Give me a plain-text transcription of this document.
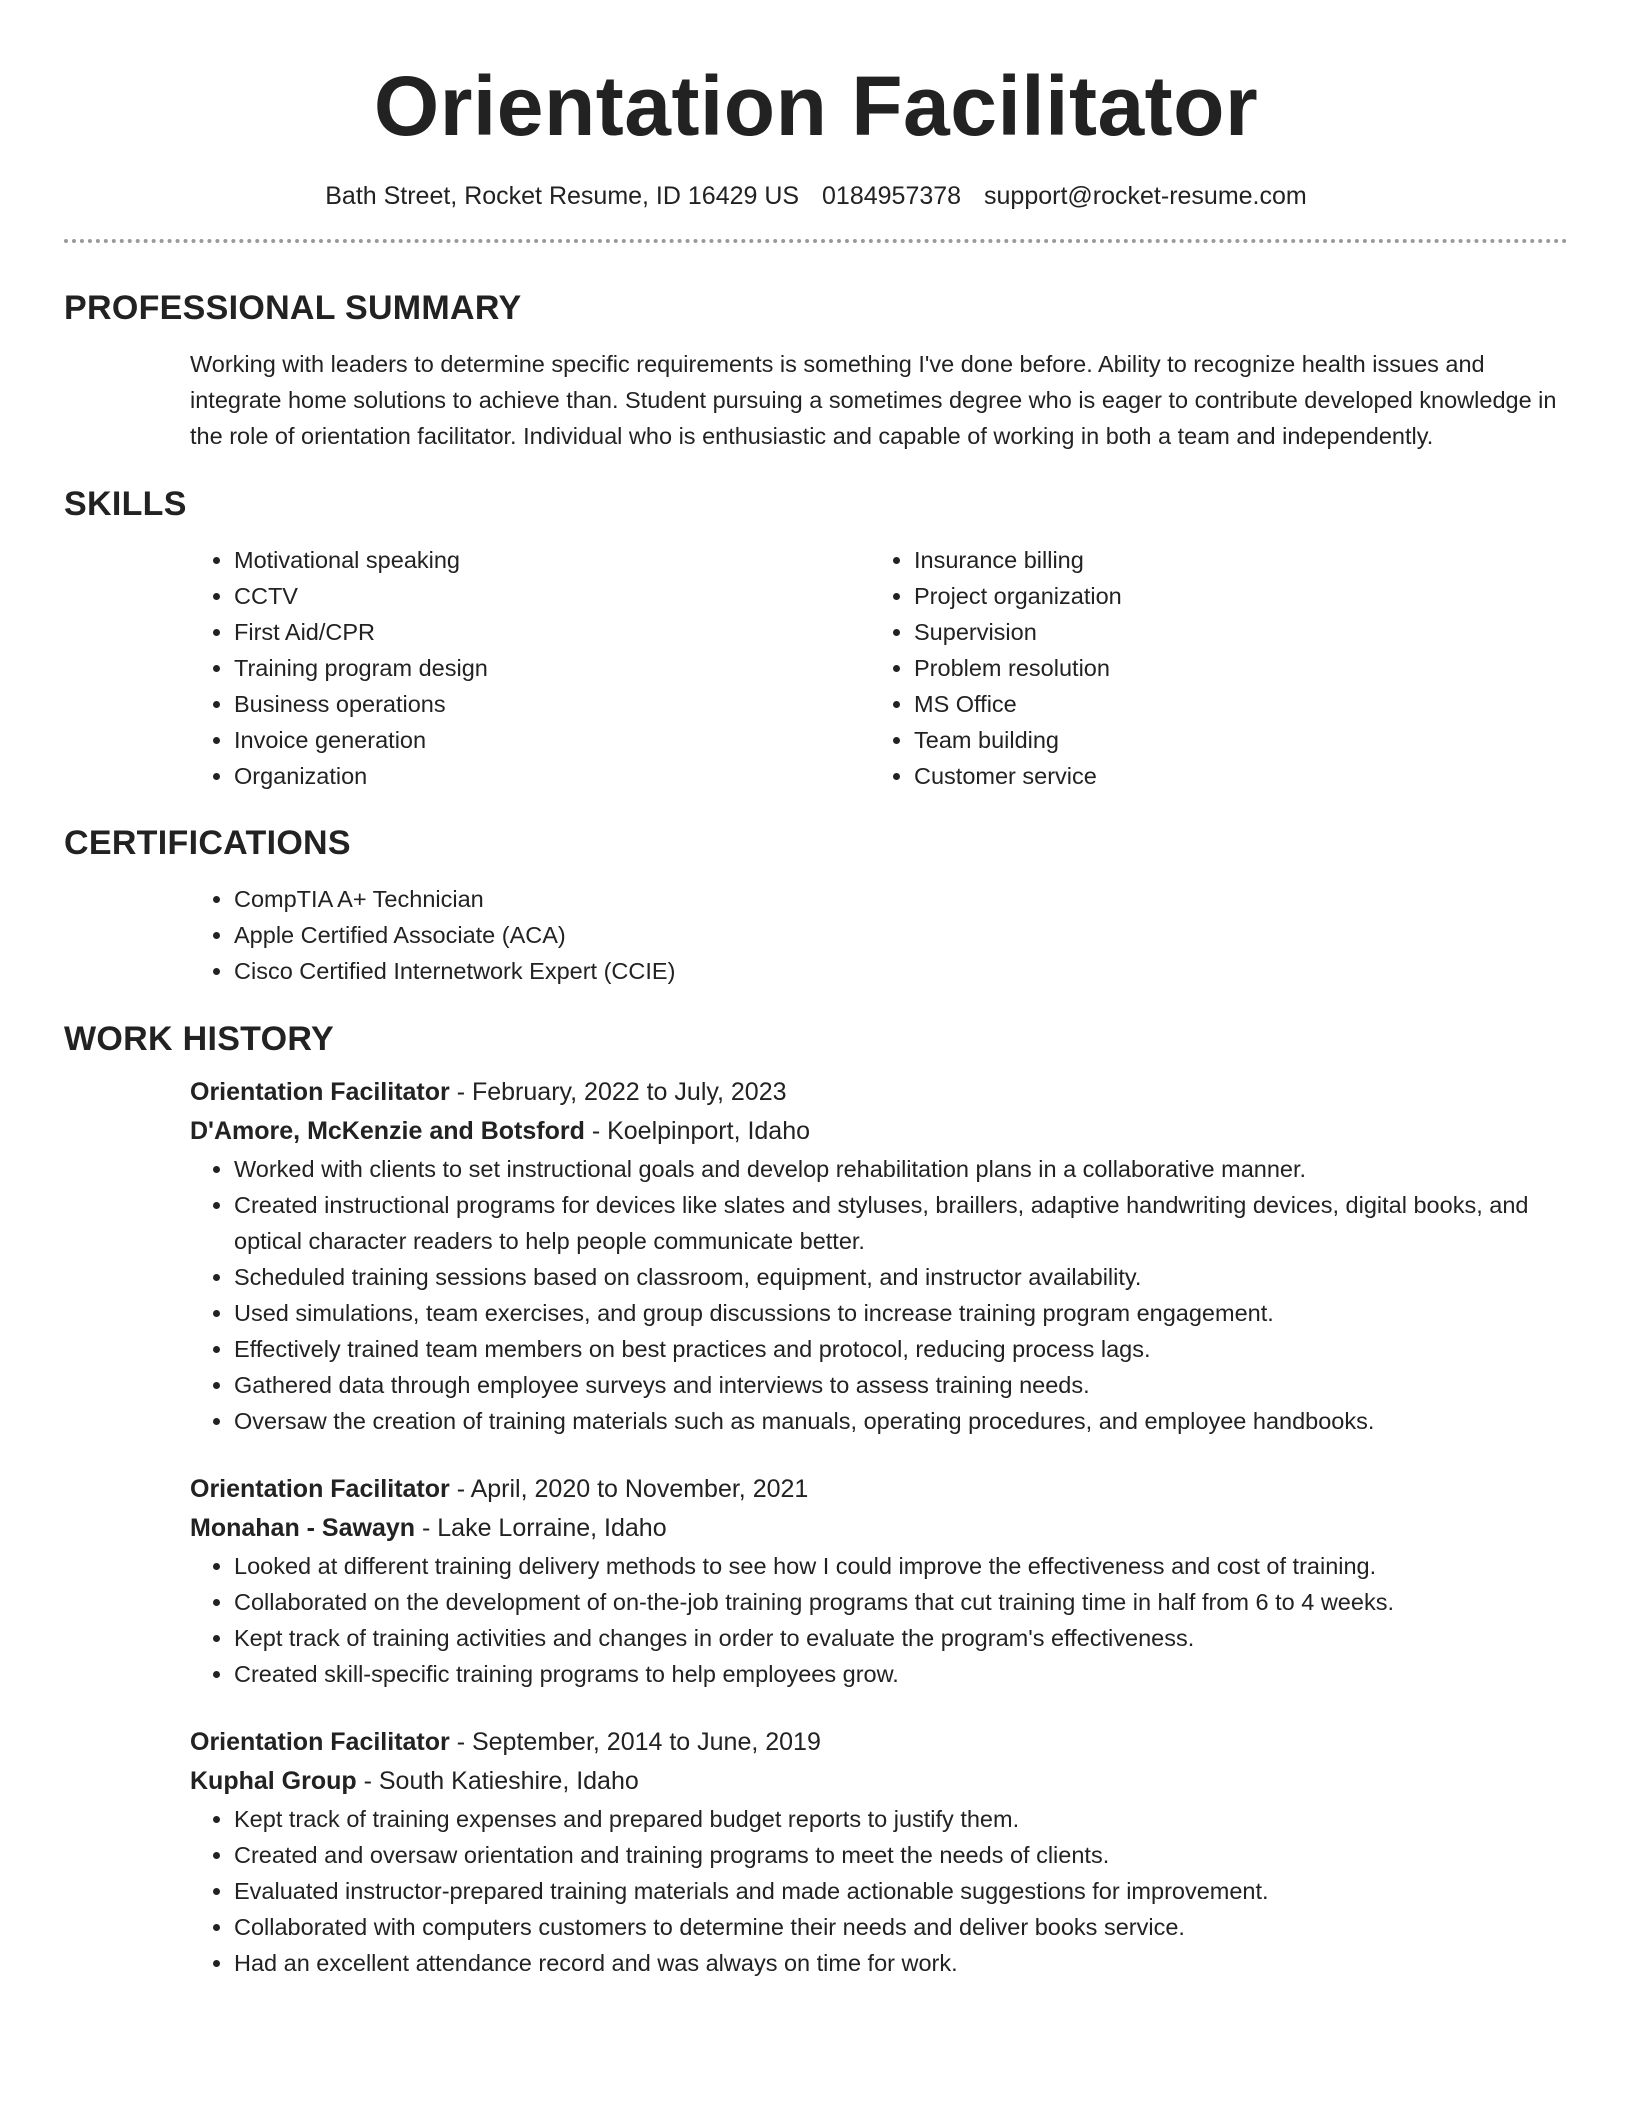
Orientation Facilitator
Bath Street, Rocket Resume, ID 16429 US 0184957378 support@rocket-resume.com
PROFESSIONAL SUMMARY

Working with leaders to determine specific requirements is something I've done before. Ability to recognize health issues and integrate home solutions to achieve than. Student pursuing a sometimes degree who is eager to contribute developed knowledge in the role of orientation facilitator. Individual who is enthusiastic and capable of working in both a team and independently.

SKILLS
• Motivational speaking
• CCTV
• First Aid/CPR
• Training program design
• Business operations
• Invoice generation
• Organization
• Insurance billing
• Project organization
• Supervision
• Problem resolution
• MS Office
• Team building
• Customer service
CERTIFICATIONS
• CompTIA A+ Technician
• Apple Certified Associate (ACA)
• Cisco Certified Internetwork Expert (CCIE)
WORK HISTORY
Orientation Facilitator - February, 2022 to July, 2023
D'Amore, McKenzie and Botsford - Koelpinport, Idaho
• Worked with clients to set instructional goals and develop rehabilitation plans in a collaborative manner.
• Created instructional programs for devices like slates and styluses, braillers, adaptive handwriting devices, digital books, and optical character readers to help people communicate better.
• Scheduled training sessions based on classroom, equipment, and instructor availability.
• Used simulations, team exercises, and group discussions to increase training program engagement.
• Effectively trained team members on best practices and protocol, reducing process lags.
• Gathered data through employee surveys and interviews to assess training needs.
• Oversaw the creation of training materials such as manuals, operating procedures, and employee handbooks.
Orientation Facilitator - April, 2020 to November, 2021
Monahan - Sawayn - Lake Lorraine, Idaho
• Looked at different training delivery methods to see how I could improve the effectiveness and cost of training.
• Collaborated on the development of on-the-job training programs that cut training time in half from 6 to 4 weeks.
• Kept track of training activities and changes in order to evaluate the program's effectiveness.
• Created skill-specific training programs to help employees grow.
Orientation Facilitator - September, 2014 to June, 2019
Kuphal Group - South Katieshire, Idaho
• Kept track of training expenses and prepared budget reports to justify them.
• Created and oversaw orientation and training programs to meet the needs of clients.
• Evaluated instructor-prepared training materials and made actionable suggestions for improvement.
• Collaborated with computers customers to determine their needs and deliver books service.
• Had an excellent attendance record and was always on time for work.
